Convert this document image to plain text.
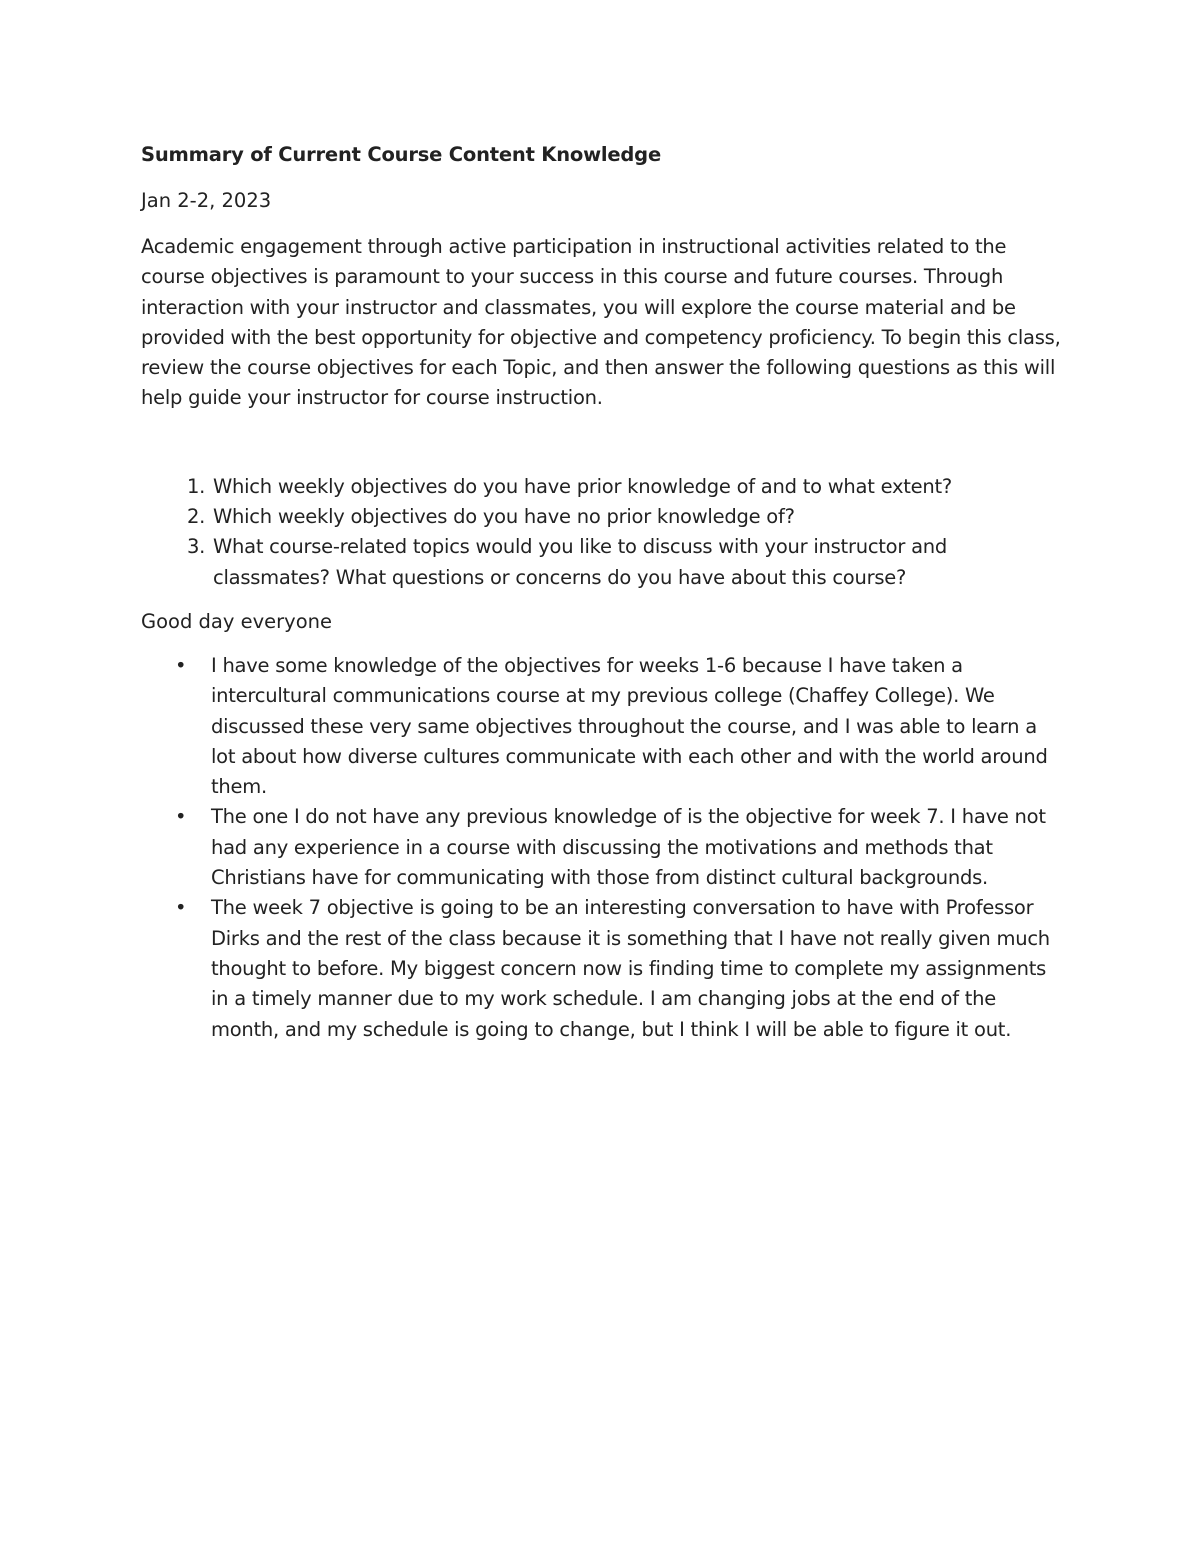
Summary of Current Course Content Knowledge
Jan 2-2, 2023
Academic engagement through active participation in instructional activities related to the course objectives is paramount to your success in this course and future courses. Through interaction with your instructor and classmates, you will explore the course material and be provided with the best opportunity for objective and competency proficiency. To begin this class, review the course objectives for each Topic, and then answer the following questions as this will help guide your instructor for course instruction.
1. Which weekly objectives do you have prior knowledge of and to what extent?
2. Which weekly objectives do you have no prior knowledge of?
3. What course-related topics would you like to discuss with your instructor and classmates? What questions or concerns do you have about this course?
Good day everyone
• I have some knowledge of the objectives for weeks 1-6 because I have taken a intercultural communications course at my previous college (Chaffey College). We discussed these very same objectives throughout the course, and I was able to learn a lot about how diverse cultures communicate with each other and with the world around them.
• The one I do not have any previous knowledge of is the objective for week 7. I have not had any experience in a course with discussing the motivations and methods that Christians have for communicating with those from distinct cultural backgrounds.
• The week 7 objective is going to be an interesting conversation to have with Professor Dirks and the rest of the class because it is something that I have not really given much thought to before. My biggest concern now is finding time to complete my assignments in a timely manner due to my work schedule. I am changing jobs at the end of the month, and my schedule is going to change, but I think I will be able to figure it out.
